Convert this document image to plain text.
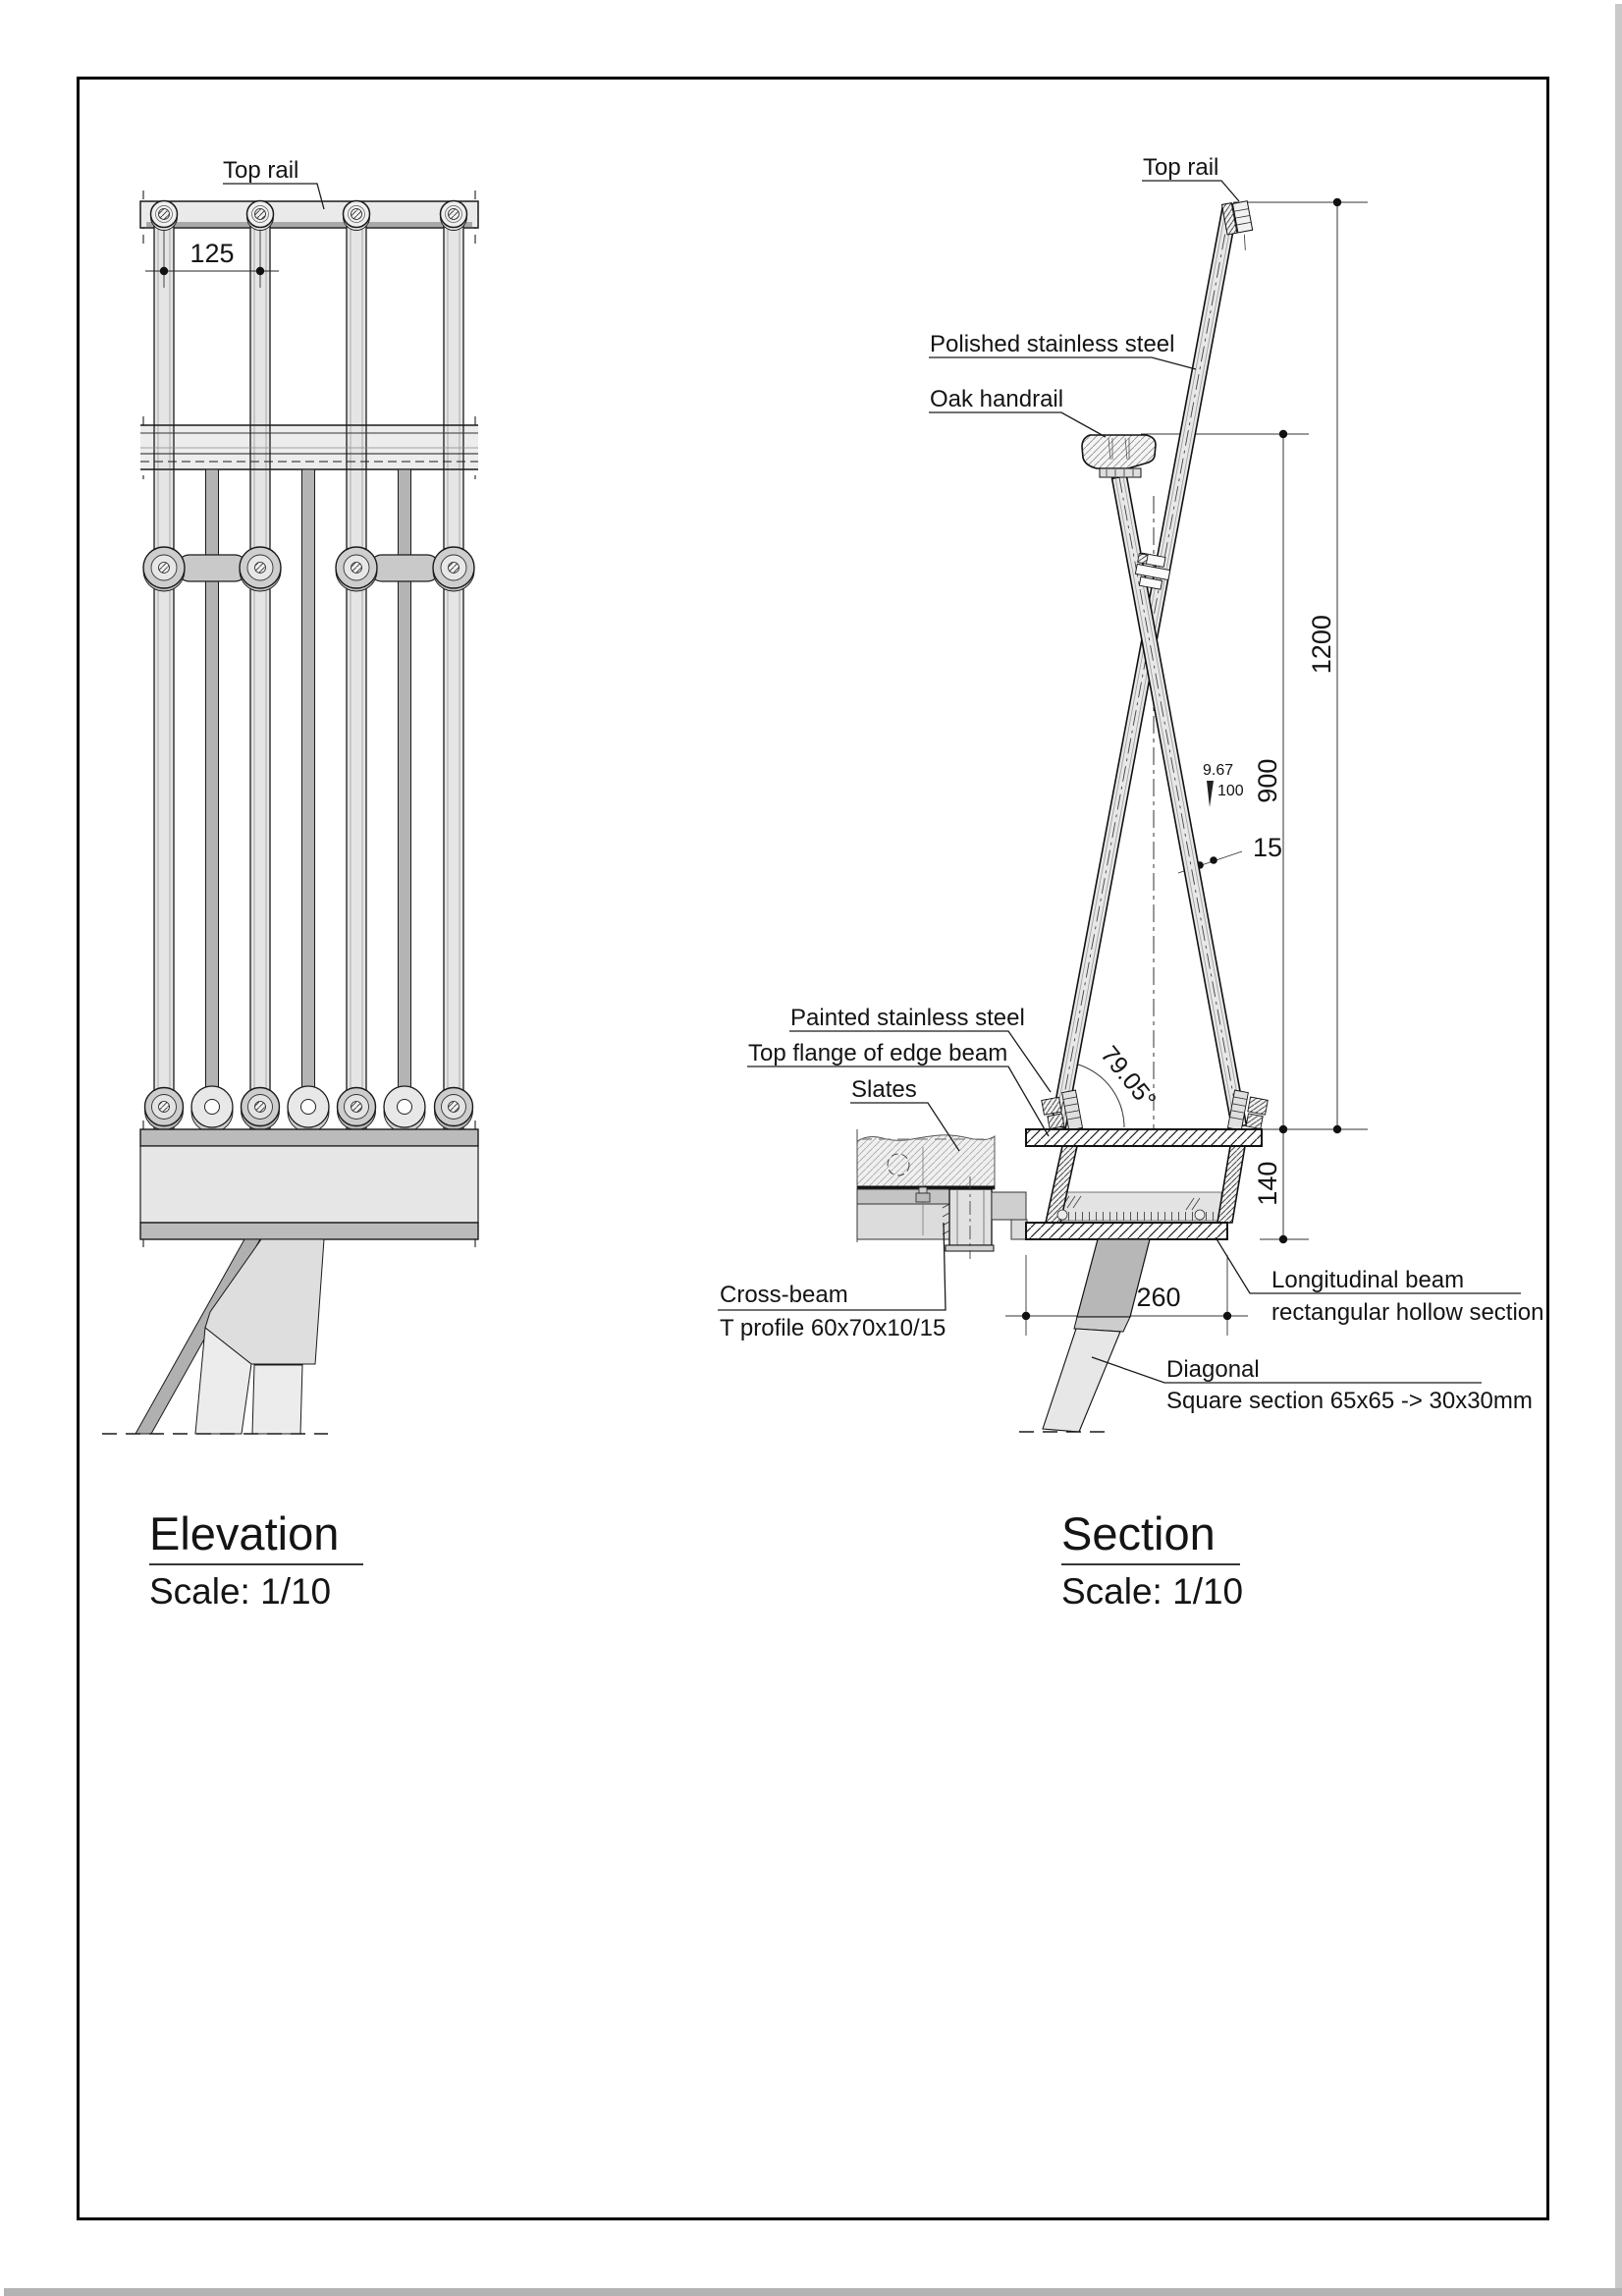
Top rail
125
Elevation
Scale: 1/10
Top rail
Polished stainless steel
Oak handrail
Painted stainless steel
Top flange of edge beam
Slates
Cross-beam
T profile 60x70x10/15
Longitudinal beam
rectangular hollow section
Diagonal
Square section 65x65 -> 30x30mm
1200
900
140
260
15
9.67
100
79.05°
Section
Scale: 1/10
